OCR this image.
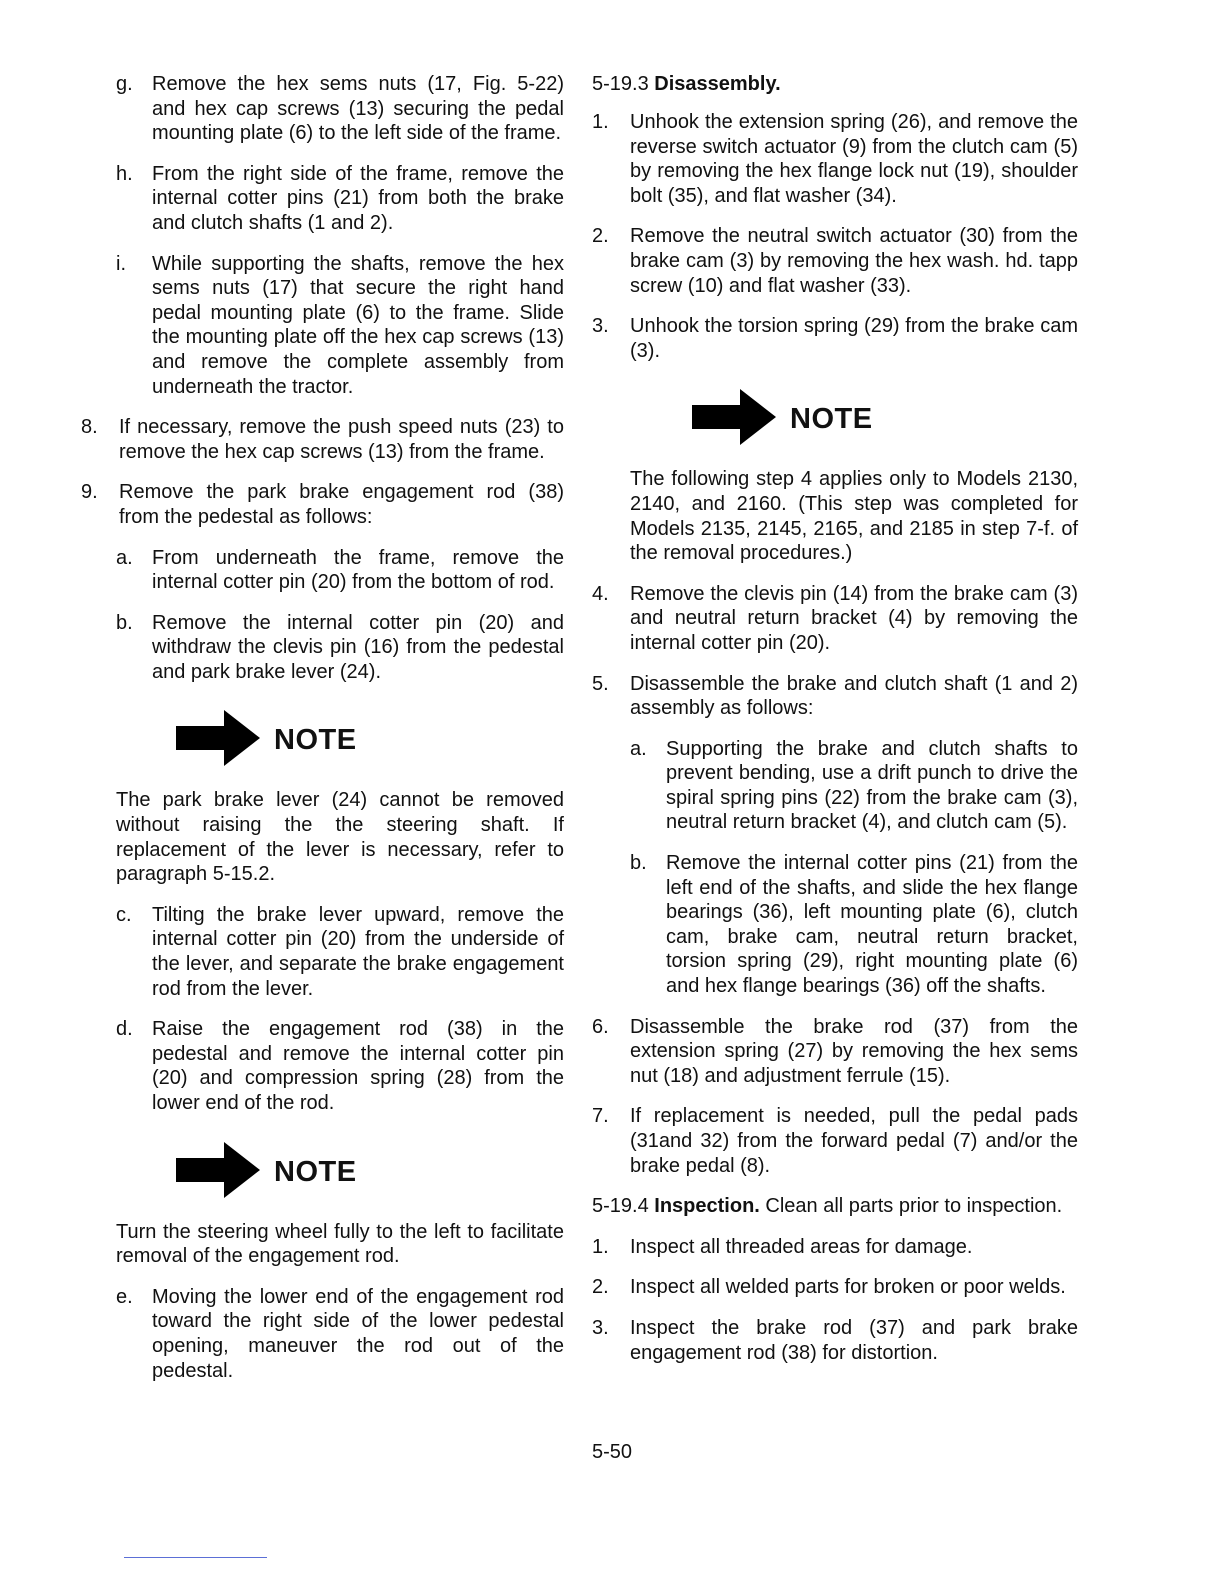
g. Remove the hex sems nuts (17, Fig. 5-22) and hex cap screws (13) securing the pedal mounting plate (6) to the left side of the frame.
h. From the right side of the frame, remove the internal cotter pins (21) from both the brake and clutch shafts (1 and 2).
i. While supporting the shafts, remove the hex sems nuts (17) that secure the right hand pedal mounting plate (6) to the frame. Slide the mounting plate off the hex cap screws (13) and remove the complete assembly from underneath the tractor.
8. If necessary, remove the push speed nuts (23) to remove the hex cap screws (13) from the frame.
9. Remove the park brake engagement rod (38) from the pedestal as follows:
a. From underneath the frame, remove the internal cotter pin (20) from the bottom of rod.
b. Remove the internal cotter pin (20) and withdraw the clevis pin (16) from the pedestal and park brake lever (24).
NOTE
The park brake lever (24) cannot be removed without raising the the steering shaft. If replacement of the lever is necessary, refer to paragraph 5-15.2.
c. Tilting the brake lever upward, remove the internal cotter pin (20) from the underside of the lever, and separate the brake engagement rod from the lever.
d. Raise the engagement rod (38) in the pedestal and remove the internal cotter pin (20) and compression spring (28) from the lower end of the rod.
NOTE
Turn the steering wheel fully to the left to facilitate removal of the engagement rod.
e. Moving the lower end of the engagement rod toward the right side of the lower pedestal opening, maneuver the rod out of the pedestal.
5-19.3 Disassembly.
1. Unhook the extension spring (26), and remove the reverse switch actuator (9) from the clutch cam (5) by removing the hex flange lock nut (19), shoulder bolt (35), and flat washer (34).
2. Remove the neutral switch actuator (30) from the brake cam (3) by removing the hex wash. hd. tapp screw (10) and flat washer (33).
3. Unhook the torsion spring (29) from the brake cam (3).
NOTE
The following step 4 applies only to Models 2130, 2140, and 2160. (This step was completed for Models 2135, 2145, 2165, and 2185 in step 7-f. of the removal procedures.)
4. Remove the clevis pin (14) from the brake cam (3) and neutral return bracket (4) by removing the internal cotter pin (20).
5. Disassemble the brake and clutch shaft (1 and 2) assembly as follows:
a. Supporting the brake and clutch shafts to prevent bending, use a drift punch to drive the spiral spring pins (22) from the brake cam (3), neutral return bracket (4), and clutch cam (5).
b. Remove the internal cotter pins (21) from the left end of the shafts, and slide the hex flange bearings (36), left mounting plate (6), clutch cam, brake cam, neutral return bracket, torsion spring (29), right mounting plate (6) and hex flange bearings (36) off the shafts.
6. Disassemble the brake rod (37) from the extension spring (27) by removing the hex sems nut (18) and adjustment ferrule (15).
7. If replacement is needed, pull the pedal pads (31and 32) from the forward pedal (7) and/or the brake pedal (8).
5-19.4 Inspection. Clean all parts prior to inspection.
1. Inspect all threaded areas for damage.
2. Inspect all welded parts for broken or poor welds.
3. Inspect the brake rod (37) and park brake engagement rod (38) for distortion.
5-50
